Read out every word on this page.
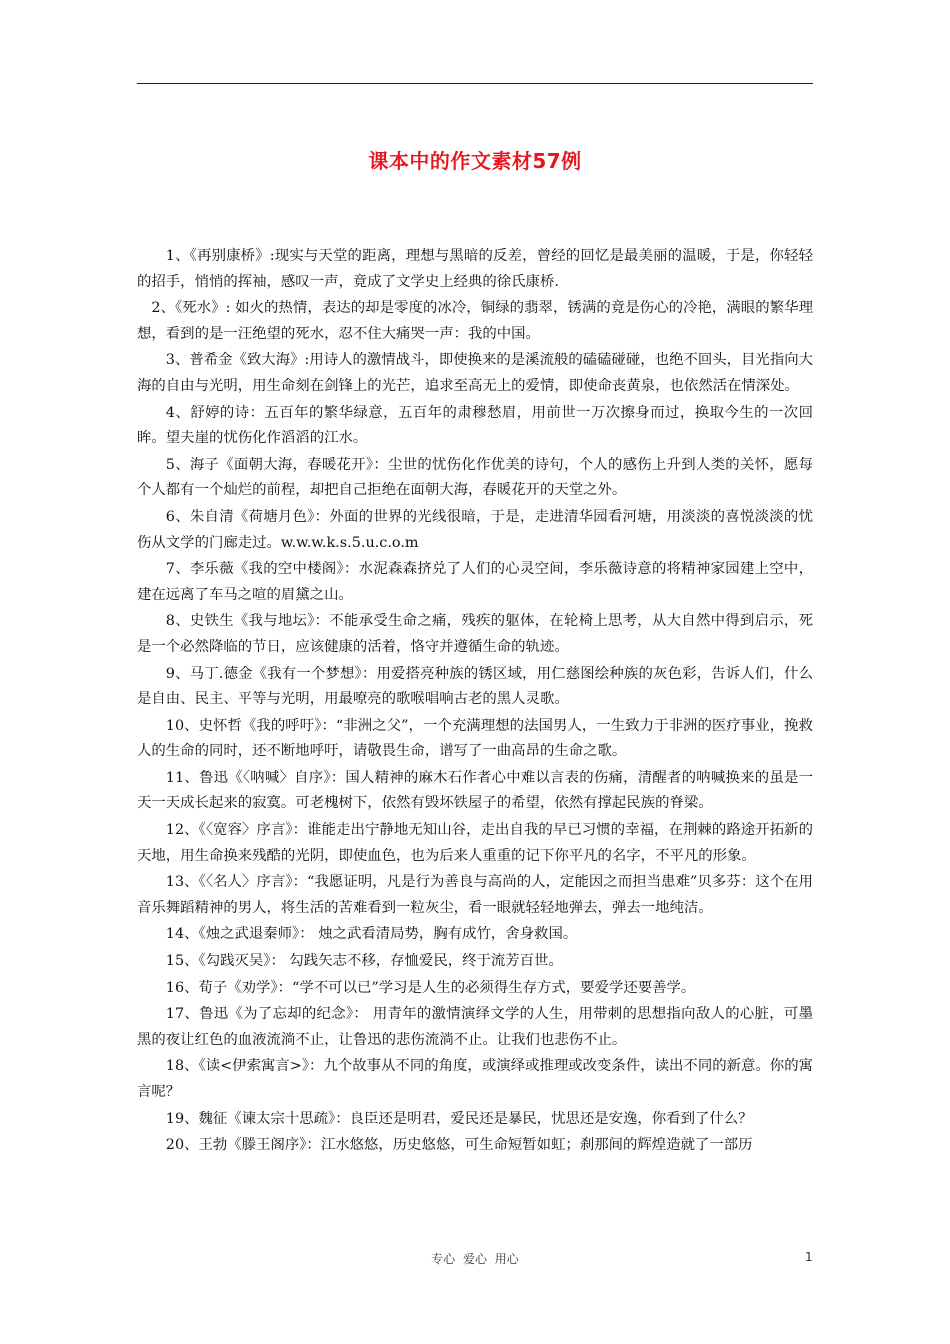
课本中的作文素材57例

1、《再别康桥》:现实与天堂的距离，理想与黑暗的反差，曾经的回忆是最美丽的温暖，于是，你轻轻的招手，悄悄的挥袖，感叹一声，竟成了文学史上经典的徐氏康桥.

2、《死水》: 如火的热情，表达的却是零度的冰冷，铜绿的翡翠，锈满的竟是伤心的冷艳，满眼的繁华理想，看到的是一汪绝望的死水，忍不住大痛哭一声：我的中国。

3、普希金《致大海》:用诗人的激情战斗，即使换来的是溪流般的磕磕碰碰，也绝不回头，目光指向大海的自由与光明，用生命刻在剑锋上的光芒，追求至高无上的爱情，即使命丧黄泉，也依然活在情深处。

4、舒婷的诗：五百年的繁华绿意，五百年的肃穆愁眉，用前世一万次擦身而过，换取今生的一次回眸。望夫崖的忧伤化作滔滔的江水。

5、海子《面朝大海，春暖花开》：尘世的忧伤化作优美的诗句，个人的感伤上升到人类的关怀，愿每个人都有一个灿烂的前程，却把自己拒绝在面朝大海，春暖花开的天堂之外。

6、朱自清《荷塘月色》：外面的世界的光线很暗，于是，走进清华园看河塘，用淡淡的喜悦淡淡的忧伤从文学的门廊走过。w.w.w.k.s.5.u.c.o.m

7、李乐薇《我的空中楼阁》：水泥森森挤兑了人们的心灵空间，李乐薇诗意的将精神家园建上空中，建在远离了车马之喧的眉黛之山。

8、史铁生《我与地坛》：不能承受生命之痛，残疾的躯体，在轮椅上思考，从大自然中得到启示，死是一个必然降临的节日，应该健康的活着，恪守并遵循生命的轨迹。

9、马丁.德金《我有一个梦想》：用爱搭亮种族的锈区域，用仁慈图绘种族的灰色彩，告诉人们，什么是自由、民主、平等与光明，用最嘹亮的歌喉唱响古老的黑人灵歌。

10、史怀哲《我的呼吁》：“非洲之父”，一个充满理想的法国男人，一生致力于非洲的医疗事业，挽救人的生命的同时，还不断地呼吁，请敬畏生命，谱写了一曲高昂的生命之歌。

11、鲁迅《〈呐喊〉自序》：国人精神的麻木石作者心中难以言表的伤痛，清醒者的呐喊换来的虽是一天一天成长起来的寂寞。可老槐树下，依然有毁坏铁屋子的希望，依然有撑起民族的脊梁。

12、《〈宽容〉序言》：谁能走出宁静地无知山谷，走出自我的早已习惯的幸福，在荆棘的路途开拓新的天地，用生命换来残酷的光阴，即使血色，也为后来人重重的记下你平凡的名字，不平凡的形象。

13、《〈名人〉序言》：“我愿证明，凡是行为善良与高尚的人，定能因之而担当患难”贝多芬：这个在用音乐舞蹈精神的男人，将生活的苦难看到一粒灰尘，看一眼就轻轻地弹去，弹去一地纯洁。

14、《烛之武退秦师》： 烛之武看清局势，胸有成竹，舍身救国。

15、《勾践灭吴》： 勾践矢志不移，存恤爱民，终于流芳百世。

16、荀子《劝学》：“学不可以已”学习是人生的必须得生存方式，要爱学还要善学。

17、鲁迅《为了忘却的纪念》： 用青年的激情演绎文学的人生，用带刺的思想指向敌人的心脏，可墨黑的夜让红色的血液流淌不止，让鲁迅的悲伤流淌不止。让我们也悲伤不止。

18、《读<伊索寓言>》：九个故事从不同的角度，或演绎或推理或改变条件，读出不同的新意。你的寓言呢？

19、魏征《谏太宗十思疏》：良臣还是明君，爱民还是暴民，忧思还是安逸，你看到了什么？

20、王勃《滕王阁序》：江水悠悠，历史悠悠，可生命短暂如虹；刹那间的辉煌造就了一部历

专心 爱心 用心	1
